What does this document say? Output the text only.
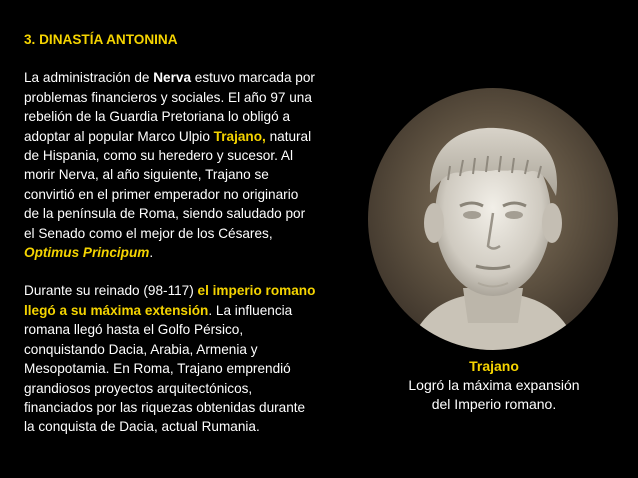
3. DINASTÍA ANTONINA
La administración de Nerva estuvo marcada por problemas financieros y sociales. El año 97 una rebelión de la Guardia Pretoriana lo obligó a adoptar al popular Marco Ulpio Trajano, natural de Hispania, como su heredero y sucesor. Al morir Nerva, al año siguiente, Trajano se convirtió en el primer emperador no originario de la península de Roma, siendo saludado por el Senado como el mejor de los Césares, Optimus Principum.
Durante su reinado (98-117) el imperio romano llegó a su máxima extensión. La influencia romana llegó hasta el Golfo Pérsico, conquistando Dacia, Arabia, Armenia y Mesopotamia. En Roma, Trajano emprendió grandiosos proyectos arquitectónicos, financiados por las riquezas obtenidas durante la conquista de Dacia, actual Rumania.
Trajano
Logró la máxima expansión
del Imperio romano.
